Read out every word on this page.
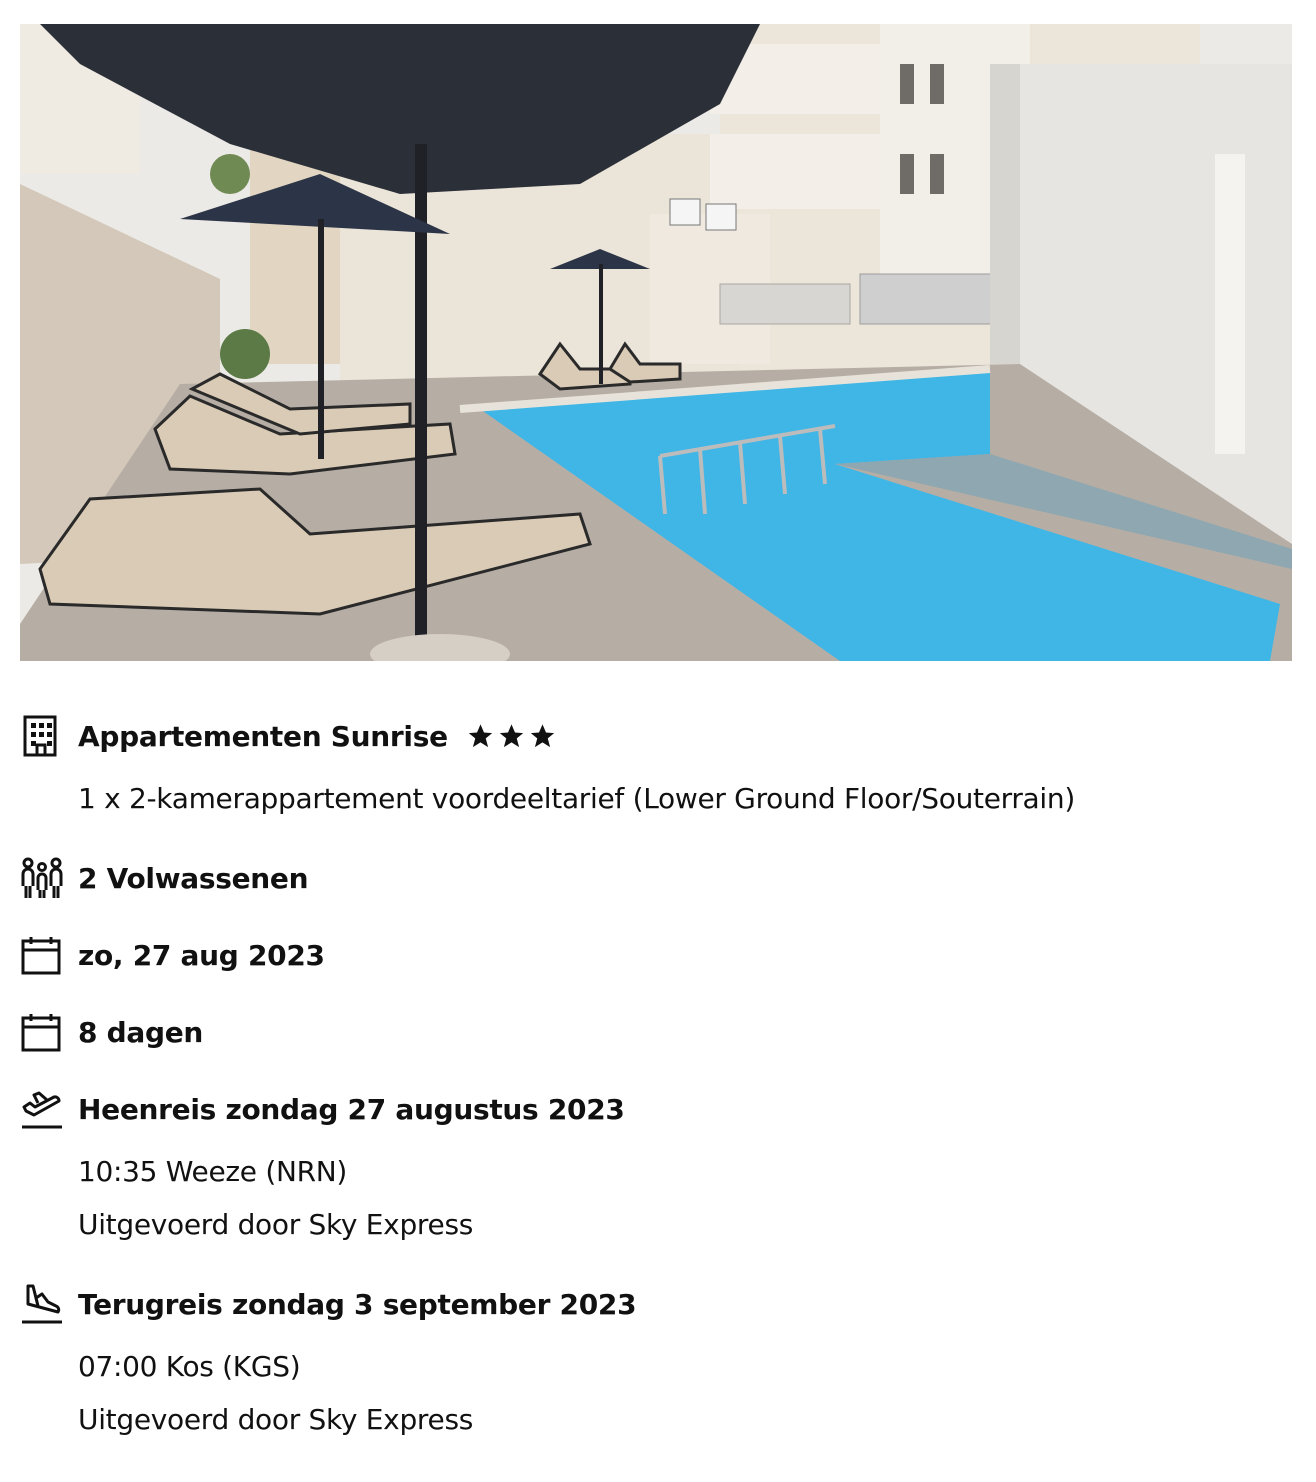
Appartementen Sunrise
1 x 2-kamerappartement voordeeltarief (Lower Ground Floor/Souterrain)
2 Volwassenen
zo, 27 aug 2023
8 dagen
Heenreis zondag 27 augustus 2023
10:35 Weeze (NRN)
Uitgevoerd door Sky Express
Terugreis zondag 3 september 2023
07:00 Kos (KGS)
Uitgevoerd door Sky Express
